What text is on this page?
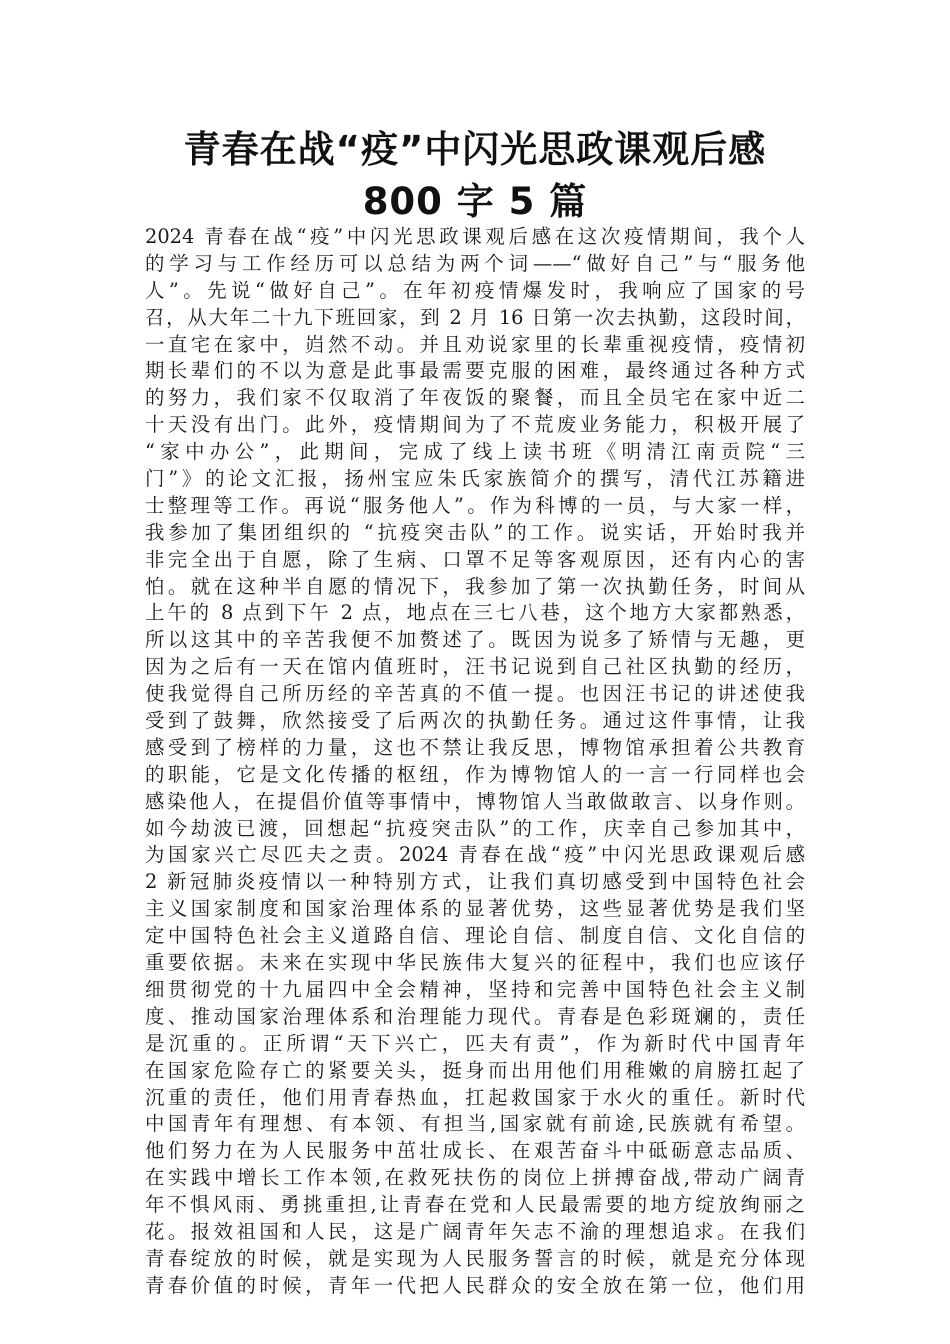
青春在战“疫”中闪光思政课观后感
800 字 5 篇
2024 青春在战“疫”中闪光思政课观后感在这次疫情期间，我个人
的学习与工作经历可以总结为两个词——“做好自己”与“服务他
人”。先说“做好自己”。在年初疫情爆发时，我响应了国家的号
召，从大年二十九下班回家，到 2 月 16 日第一次去执勤，这段时间，
一直宅在家中，岿然不动。并且劝说家里的长辈重视疫情，疫情初
期长辈们的不以为意是此事最需要克服的困难，最终通过各种方式
的努力，我们家不仅取消了年夜饭的聚餐，而且全员宅在家中近二
十天没有出门。此外，疫情期间为了不荒废业务能力，积极开展了
“家中办公”，此期间，完成了线上读书班《明清江南贡院“三
门”》的论文汇报，扬州宝应朱氏家族简介的撰写，清代江苏籍进
士整理等工作。再说“服务他人”。作为科博的一员，与大家一样，
我参加了集团组织的 “抗疫突击队”的工作。说实话，开始时我并
非完全出于自愿，除了生病、口罩不足等客观原因，还有内心的害
怕。就在这种半自愿的情况下，我参加了第一次执勤任务，时间从
上午的 8 点到下午 2 点，地点在三七八巷，这个地方大家都熟悉，
所以这其中的辛苦我便不加赘述了。既因为说多了矫情与无趣，更
因为之后有一天在馆内值班时，汪书记说到自己社区执勤的经历，
使我觉得自己所历经的辛苦真的不值一提。也因汪书记的讲述使我
受到了鼓舞，欣然接受了后两次的执勤任务。通过这件事情，让我
感受到了榜样的力量，这也不禁让我反思，博物馆承担着公共教育
的职能，它是文化传播的枢纽，作为博物馆人的一言一行同样也会
感染他人，在提倡价值等事情中，博物馆人当敢做敢言、以身作则。
如今劫波已渡，回想起“抗疫突击队”的工作，庆幸自己参加其中，
为国家兴亡尽匹夫之责。2024 青春在战“疫”中闪光思政课观后感
2 新冠肺炎疫情以一种特别方式，让我们真切感受到中国特色社会
主义国家制度和国家治理体系的显著优势，这些显著优势是我们坚
定中国特色社会主义道路自信、理论自信、制度自信、文化自信的
重要依据。未来在实现中华民族伟大复兴的征程中，我们也应该仔
细贯彻党的十九届四中全会精神，坚持和完善中国特色社会主义制
度、推动国家治理体系和治理能力现代。青春是色彩斑斓的，责任
是沉重的。正所谓“天下兴亡，匹夫有责”，作为新时代中国青年
在国家危险存亡的紧要关头，挺身而出用他们用稚嫩的肩膀扛起了
沉重的责任，他们用青春热血，扛起救国家于水火的重任。新时代
中国青年有理想、有本领、有担当,国家就有前途,民族就有希望。
他们努力在为人民服务中茁壮成长、在艰苦奋斗中砥砺意志品质、
在实践中增长工作本领,在救死扶伤的岗位上拼搏奋战,带动广阔青
年不惧风雨、勇挑重担,让青春在党和人民最需要的地方绽放绚丽之
花。报效祖国和人民，这是广阔青年矢志不渝的理想追求。在我们
青春绽放的时候，就是实现为人民服务誓言的时候，就是充分体现
青春价值的时候，青年一代把人民群众的安全放在第一位，他们用
